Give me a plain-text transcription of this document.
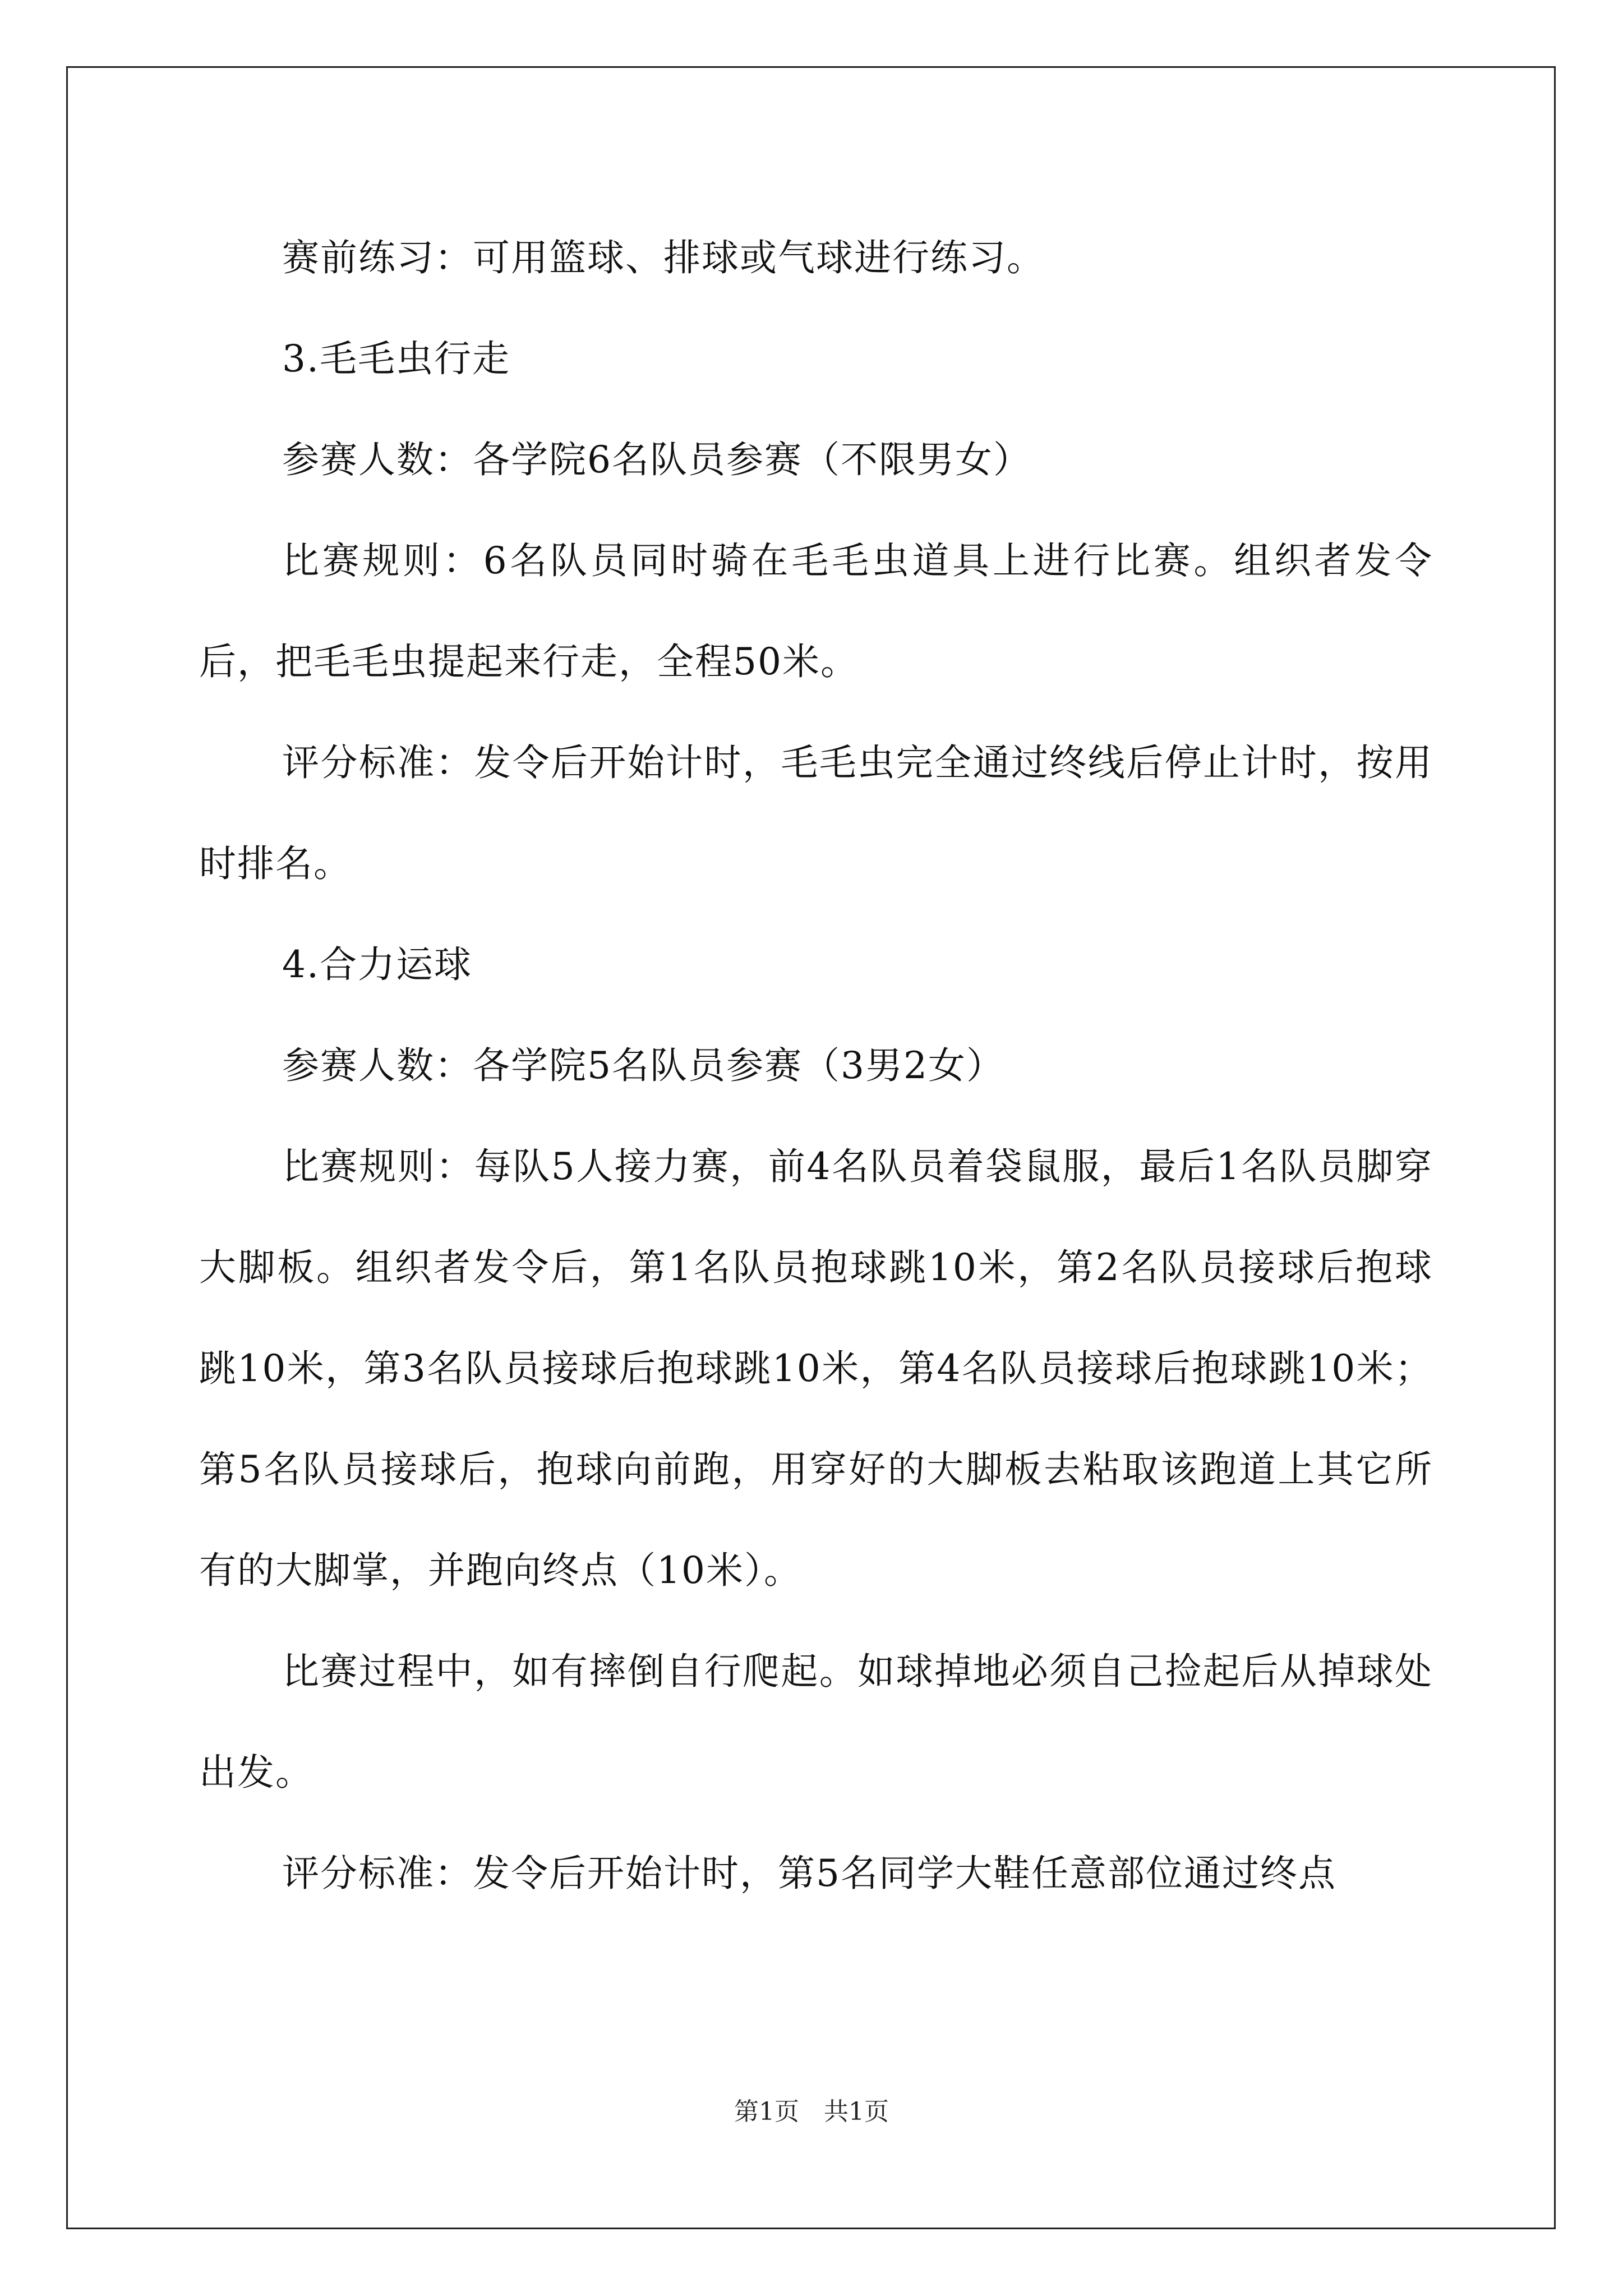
赛前练习：可用篮球、排球或气球进行练习。

3.毛毛虫行走

参赛人数：各学院6名队员参赛（不限男女）

比赛规则：6名队员同时骑在毛毛虫道具上进行比赛。组织者发令后，把毛毛虫提起来行走，全程50米。

评分标准：发令后开始计时，毛毛虫完全通过终线后停止计时，按用时排名。

4.合力运球

参赛人数：各学院5名队员参赛（3男2女）

比赛规则：每队5人接力赛，前4名队员着袋鼠服，最后1名队员脚穿大脚板。组织者发令后，第1名队员抱球跳10米，第2名队员接球后抱球跳10米，第3名队员接球后抱球跳10米，第4名队员接球后抱球跳10米；第5名队员接球后，抱球向前跑，用穿好的大脚板去粘取该跑道上其它所有的大脚掌，并跑向终点（10米）。

比赛过程中，如有摔倒自行爬起。如球掉地必须自己捡起后从掉球处出发。

评分标准：发令后开始计时，第5名同学大鞋任意部位通过终点

第1页　共1页
